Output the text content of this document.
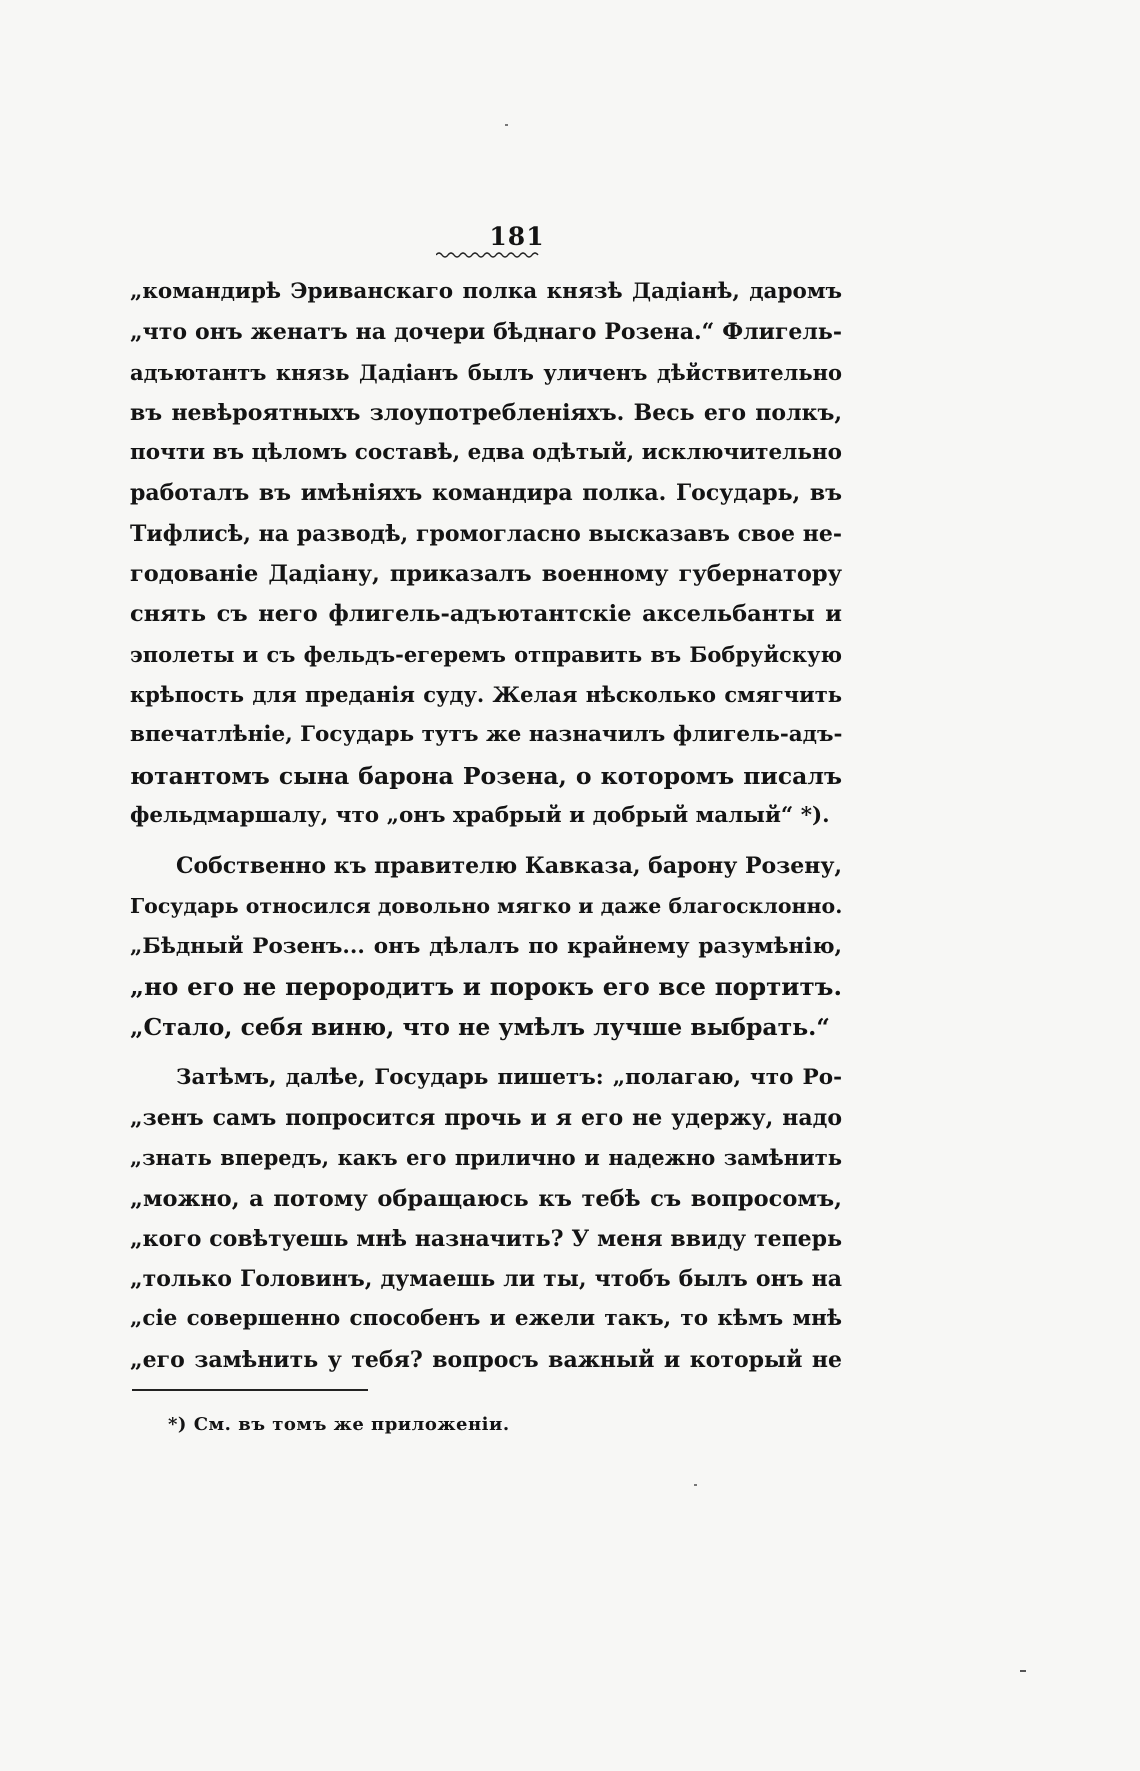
181
„командирѣ Эриванскаго полка князѣ Дадіанѣ, даромъ
„что онъ женатъ на дочери бѣднаго Розена.“ Флигель-
адъютантъ князь Дадіанъ былъ уличенъ дѣйствительно
въ невѣроятныхъ злоупотребленіяхъ. Весь его полкъ,
почти въ цѣломъ составѣ, едва одѣтый, исключительно
работалъ въ имѣніяхъ командира полка. Государь, въ
Тифлисѣ, на разводѣ, громогласно высказавъ свое не-
годованіе Дадіану, приказалъ военному губернатору
снять съ него флигель-адъютантскіе аксельбанты и
эполеты и съ фельдъ-егеремъ отправить въ Бобруйскую
крѣпость для преданія суду. Желая нѣсколько смягчить
впечатлѣніе, Государь тутъ же назначилъ флигель-адъ-
ютантомъ сына барона Розена, о которомъ писалъ
фельдмаршалу, что „онъ храбрый и добрый малый“ *).
Собственно къ правителю Кавказа, барону Розену,
Государь относился довольно мягко и даже благосклонно.
„Бѣдный Розенъ... онъ дѣлалъ по крайнему разумѣнію,
„но его не перородитъ и порокъ его все портитъ.
„Стало, себя виню, что не умѣлъ лучше выбрать.“
Затѣмъ, далѣе, Государь пишетъ: „полагаю, что Ро-
„зенъ самъ попросится прочь и я его не удержу, надо
„знать впередъ, какъ его прилично и надежно замѣнить
„можно, а потому обращаюсь къ тебѣ съ вопросомъ,
„кого совѣтуешь мнѣ назначить? У меня ввиду теперь
„только Головинъ, думаешь ли ты, чтобъ былъ онъ на
„сіе совершенно способенъ и ежели такъ, то кѣмъ мнѣ
„его замѣнить у тебя? вопросъ важный и который не
*) См. въ томъ же приложеніи.
